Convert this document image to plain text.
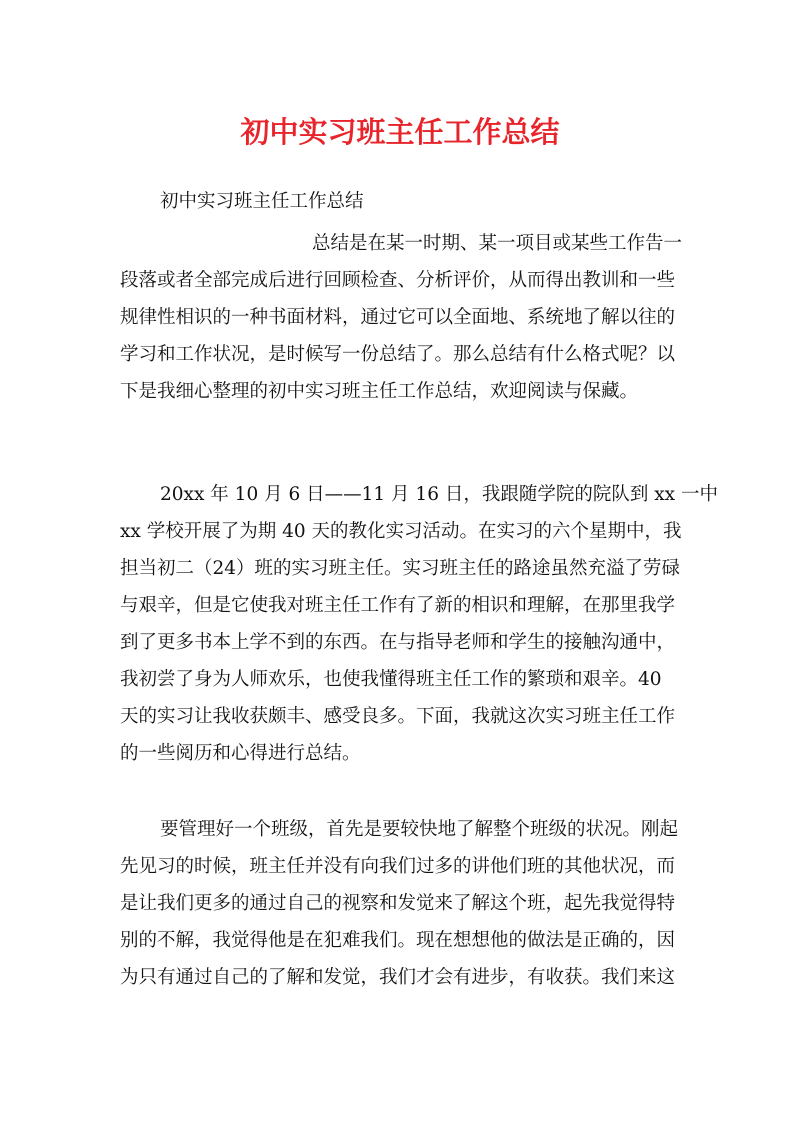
初中实习班主任工作总结
初中实习班主任工作总结
总结是在某一时期、某一项目或某些工作告一
段落或者全部完成后进行回顾检查、分析评价，从而得出教训和一些
规律性相识的一种书面材料，通过它可以全面地、系统地了解以往的
学习和工作状况，是时候写一份总结了。那么总结有什么格式呢？以
下是我细心整理的初中实习班主任工作总结，欢迎阅读与保藏。
20xx 年 10 月 6 日——11 月 16 日，我跟随学院的院队到 xx 一中
xx 学校开展了为期 40 天的教化实习活动。在实习的六个星期中，我
担当初二（24）班的实习班主任。实习班主任的路途虽然充溢了劳碌
与艰辛，但是它使我对班主任工作有了新的相识和理解，在那里我学
到了更多书本上学不到的东西。在与指导老师和学生的接触沟通中，
我初尝了身为人师欢乐，也使我懂得班主任工作的繁琐和艰辛。40
天的实习让我收获颇丰、感受良多。下面，我就这次实习班主任工作
的一些阅历和心得进行总结。
要管理好一个班级，首先是要较快地了解整个班级的状况。刚起
先见习的时候，班主任并没有向我们过多的讲他们班的其他状况，而
是让我们更多的通过自己的视察和发觉来了解这个班，起先我觉得特
别的不解，我觉得他是在犯难我们。现在想想他的做法是正确的，因
为只有通过自己的了解和发觉，我们才会有进步，有收获。我们来这
